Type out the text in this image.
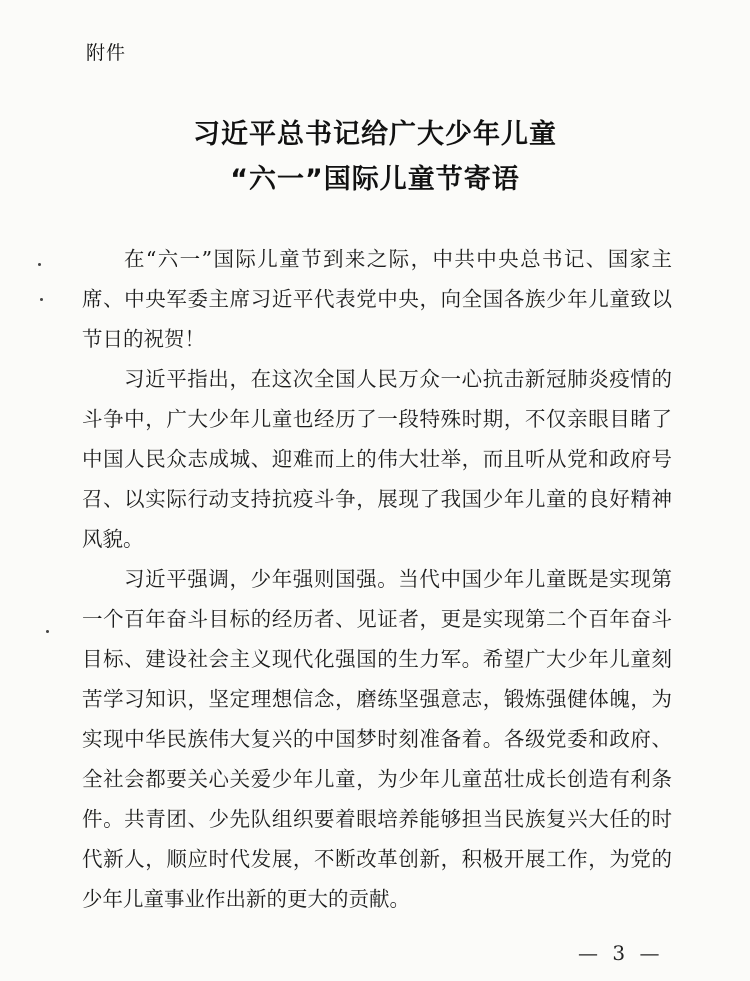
附件
习近平总书记给广大少年儿童
“六一”国际儿童节寄语
在“六一”国际儿童节到来之际，中共中央总书记、国家主
席、中央军委主席习近平代表党中央，向全国各族少年儿童致以
节日的祝贺！
习近平指出，在这次全国人民万众一心抗击新冠肺炎疫情的
斗争中，广大少年儿童也经历了一段特殊时期，不仅亲眼目睹了
中国人民众志成城、迎难而上的伟大壮举，而且听从党和政府号
召、以实际行动支持抗疫斗争，展现了我国少年儿童的良好精神
风貌。
习近平强调，少年强则国强。当代中国少年儿童既是实现第
一个百年奋斗目标的经历者、见证者，更是实现第二个百年奋斗
目标、建设社会主义现代化强国的生力军。希望广大少年儿童刻
苦学习知识，坚定理想信念，磨练坚强意志，锻炼强健体魄，为
实现中华民族伟大复兴的中国梦时刻准备着。各级党委和政府、
全社会都要关心关爱少年儿童，为少年儿童茁壮成长创造有利条
件。共青团、少先队组织要着眼培养能够担当民族复兴大任的时
代新人，顺应时代发展，不断改革创新，积极开展工作，为党的
少年儿童事业作出新的更大的贡献。
— 3 —
